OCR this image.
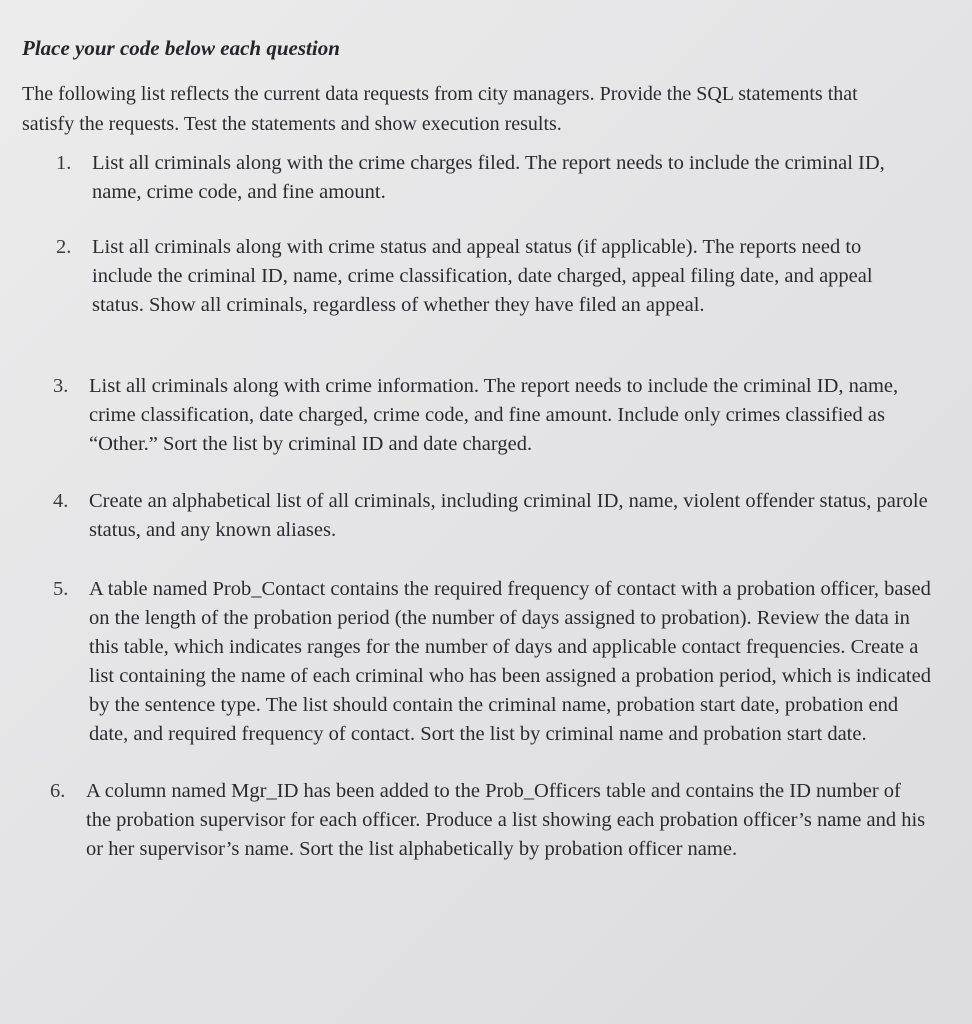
Place your code below each question

The following list reflects the current data requests from city managers. Provide the SQL statements that satisfy the requests. Test the statements and show execution results.

1.	List all criminals along with the crime charges filed. The report needs to include the criminal ID, name, crime code, and fine amount.
2.	List all criminals along with crime status and appeal status (if applicable). The reports need to include the criminal ID, name, crime classification, date charged, appeal filing date, and appeal status. Show all criminals, regardless of whether they have filed an appeal.
3.	List all criminals along with crime information. The report needs to include the criminal ID, name, crime classification, date charged, crime code, and fine amount. Include only crimes classified as “Other.” Sort the list by criminal ID and date charged.
4.	Create an alphabetical list of all criminals, including criminal ID, name, violent offender status, parole status, and any known aliases.
5.	A table named Prob_Contact contains the required frequency of contact with a probation officer, based on the length of the probation period (the number of days assigned to probation). Review the data in this table, which indicates ranges for the number of days and applicable contact frequencies. Create a list containing the name of each criminal who has been assigned a probation period, which is indicated by the sentence type. The list should contain the criminal name, probation start date, probation end date, and required frequency of contact. Sort the list by criminal name and probation start date.
6.	A column named Mgr_ID has been added to the Prob_Officers table and contains the ID number of the probation supervisor for each officer. Produce a list showing each probation officer’s name and his or her supervisor’s name. Sort the list alphabetically by probation officer name.
